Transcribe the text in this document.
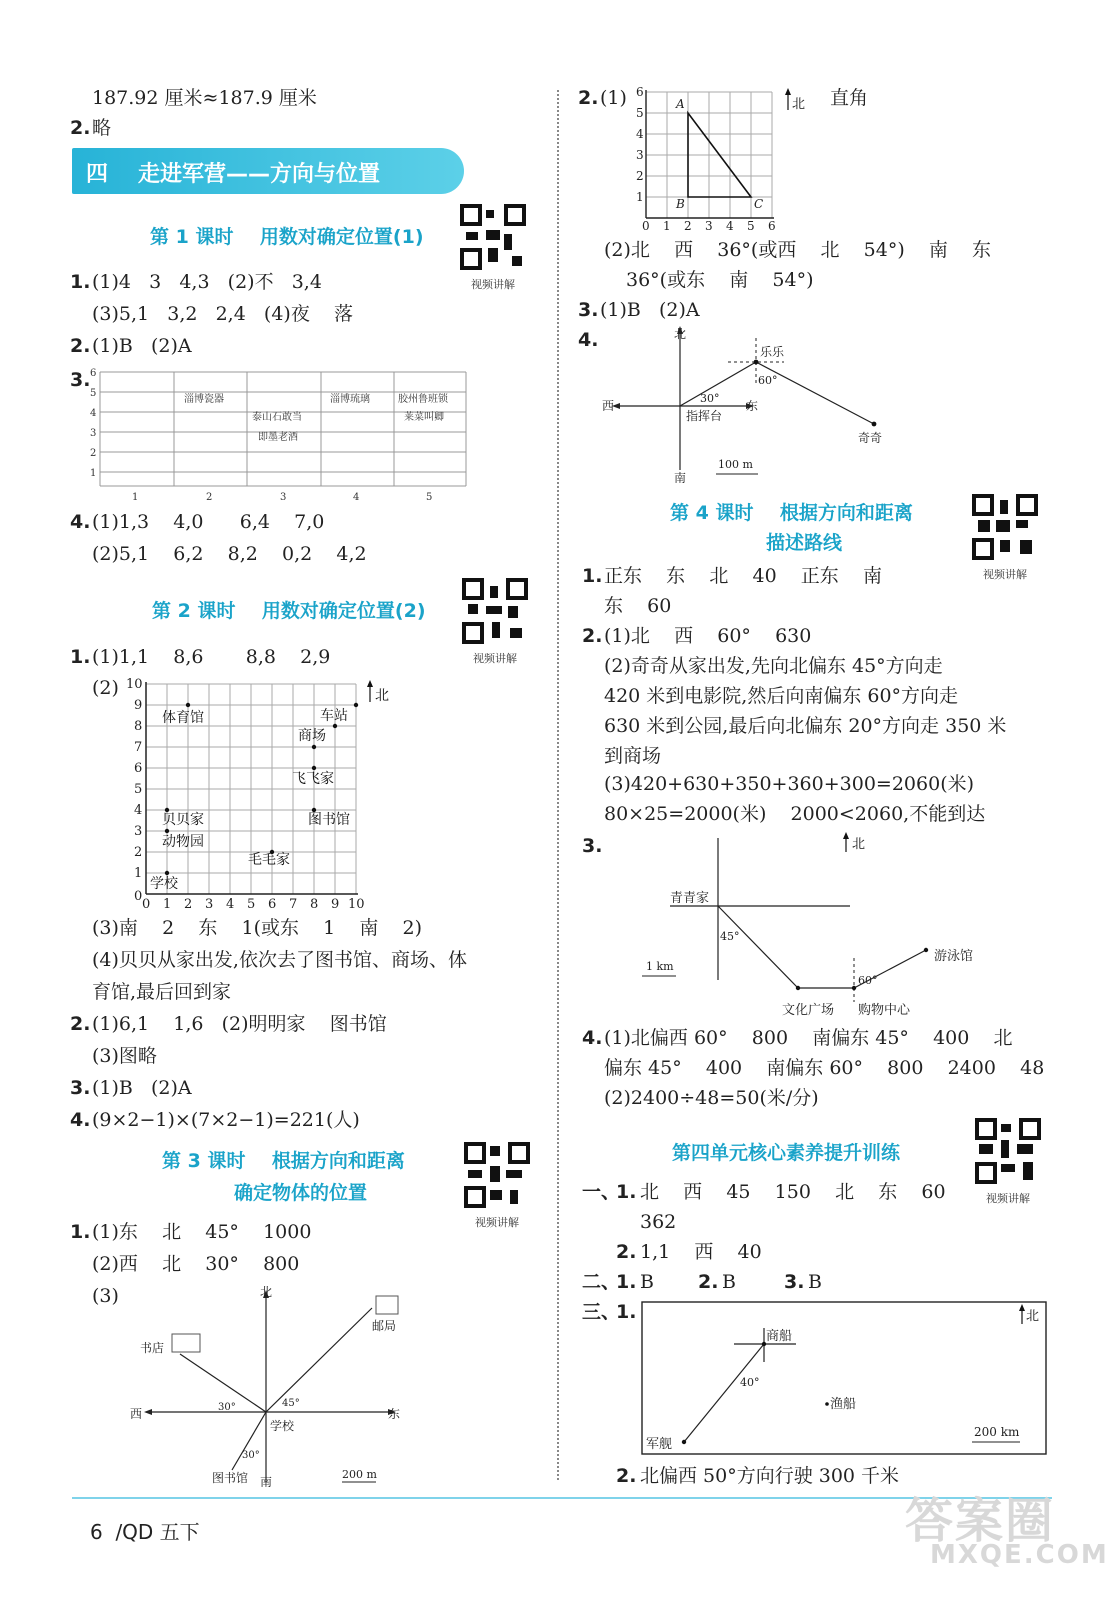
187.92 厘米≈187.9 厘米
2. 略
四 走进军营——方向与位置
第 1 课时    用数对确定位置(1)
视频讲解
1. (1)4   3   4,3   (2)不   3,4
(3)5,1   3,2   2,4   (4)夜    落
2. (1)B   (2)A
3. 6
5
4
3
2
1
1	2	3	4	5
淄博瓷器
泰山石敢当
即墨老酒
淄博琉璃	胶州鲁班锁
莱菜叫卿
4. (1)1,3    4,0      6,4    7,0
(2)5,1    6,2    8,2    0,2    4,2
第 2 课时    用数对确定位置(2)
视频讲解
1. (1)1,1    8,6       8,8    2,9
(2)
0
1
2
3
4
5
6
7
8
9
10
0 1 2 3 4 5 6 7 8 9 10
体育馆	车站
商场
飞飞家
贝贝家	图书馆
动物园
毛毛家
学校
北
(3)南    2    东    1(或东    1    南    2)
(4)贝贝从家出发,依次去了图书馆、商场、体
育馆,最后回到家
2. (1)6,1    1,6   (2)明明家    图书馆
(3)图略
3. (1)B   (2)A
4. (9×2−1)×(7×2−1)=221(人)
第 3 课时    根据方向和距离
确定物体的位置
视频讲解
1. (1)东    北    45°    1000
(2)西    北    30°    800
(3)	北
南
东
西
书店
邮局
学校
图书馆
30°	45°
30°
200 m
2. (1)	直角
6
5
4
3
2
1
0 1 2 3 4 5 6
A
B	C
北
(2)北    西    36°(或西    北    54°)    南    东
36°(或东    南    54°)
3. (1)B   (2)A
4.	北
南
东
西
乐乐
指挥台
奇奇
30°
60°
100 m
第 4 课时    根据方向和距离
描述路线
视频讲解
1. 正东    东    北    40    正东    南
东    60
2. (1)北    西    60°    630
(2)奇奇从家出发,先向北偏东 45°方向走
420 米到电影院,然后向南偏东 60°方向走
630 米到公园,最后向北偏东 20°方向走 350 米
到商场
(3)420+630+350+360+300=2060(米)
80×25=2000(米)    2000<2060,不能到达
3.	北
青青家
45°
1 km
60°
游泳馆
文化广场 购物中心
4. (1)北偏西 60°    800    南偏东 45°    400    北
偏东 45°    400    南偏东 60°    800    2400    48
(2)2400÷48=50(米/分)
第四单元核心素养提升训练
视频讲解
一、
1. 北    西    45    150    北    东    60
362
2. 1,1    西    40
二、
1. B 2. B	3. B
三、
1.	北
商船
40°
渔船
军舰
200 km
2. 北偏西 50°方向行驶 300 千米
6  /QD 五下	答案圈
MXQE.COM
